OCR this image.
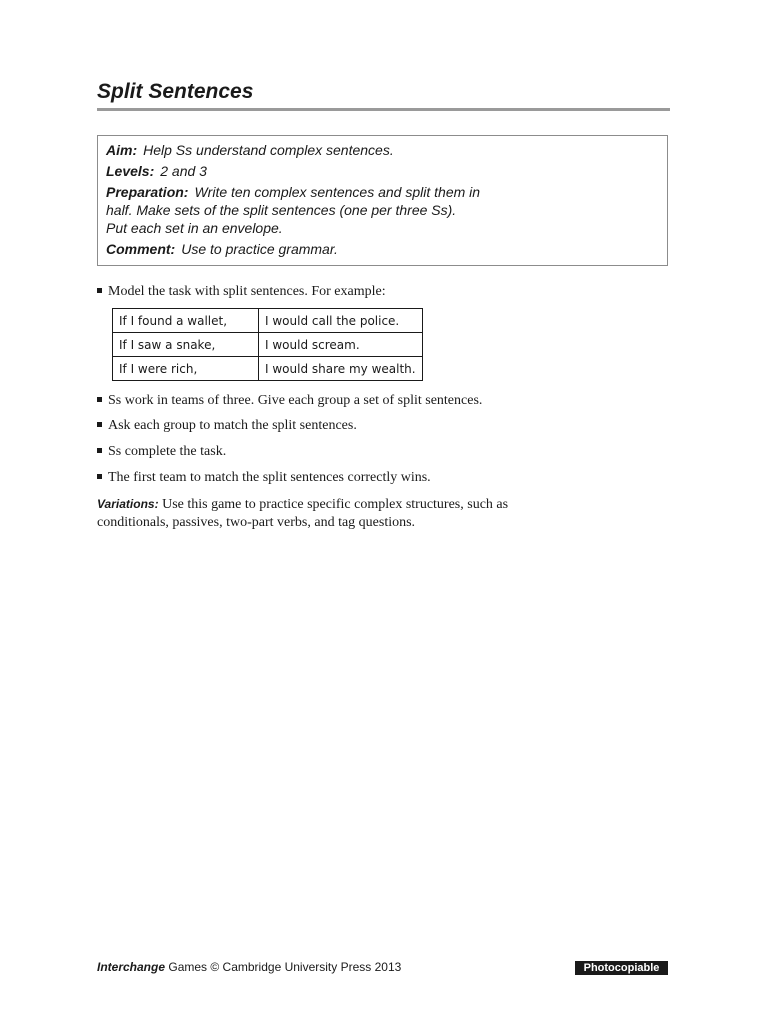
Split Sentences
Aim: Help Ss understand complex sentences.
Levels: 2 and 3
Preparation: Write ten complex sentences and split them in
half. Make sets of the split sentences (one per three Ss).
Put each set in an envelope.
Comment: Use to practice grammar.
Model the task with split sentences. For example:
If I found a wallet,	I would call the police.
If I saw a snake,	I would scream.
If I were rich,	I would share my wealth.
Ss work in teams of three. Give each group a set of split sentences.
Ask each group to match the split sentences.
Ss complete the task.
The first team to match the split sentences correctly wins.
Variations: Use this game to practice specific complex structures, such as conditionals, passives, two-part verbs, and tag questions.
Interchange Games © Cambridge University Press 2013	Photocopiable
